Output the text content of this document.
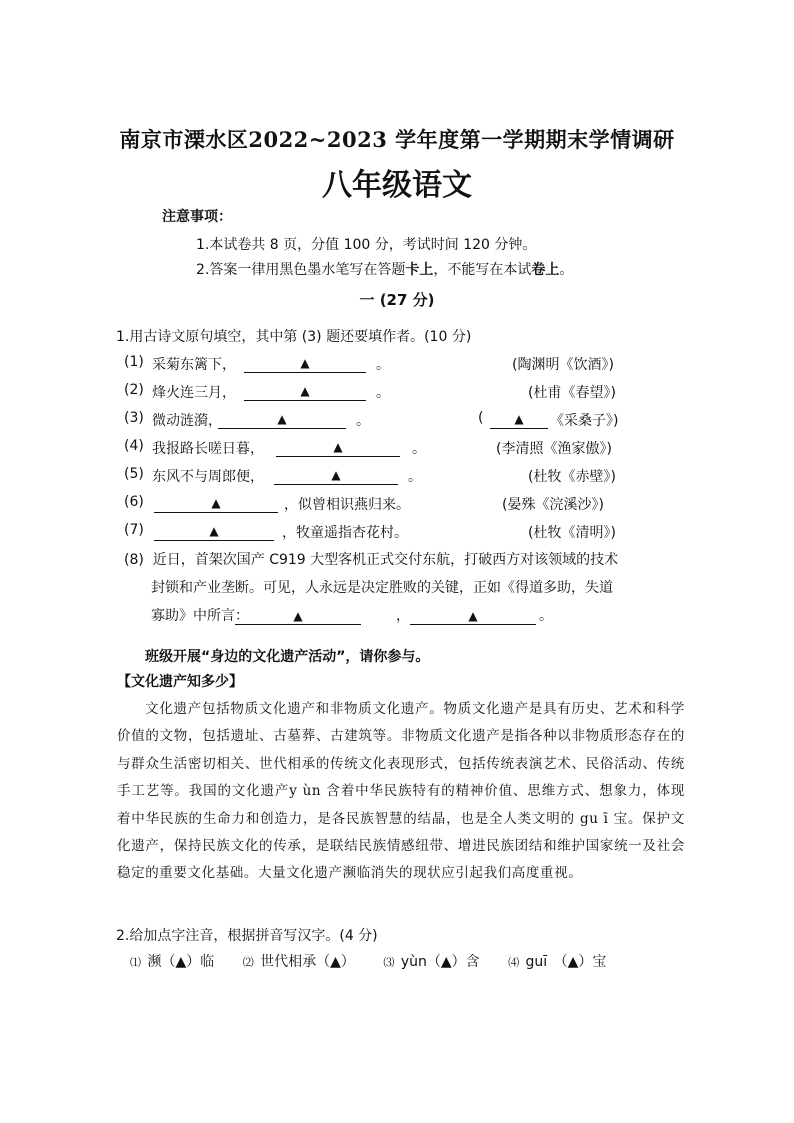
南京市溧水区2022~2023 学年度第一学期期末学情调研
八年级语文
注意事项：
1.本试卷共 8 页，分值 100 分，考试时间 120 分钟。
2.答案一律用黑色墨水笔写在答题卡上，不能写在本试卷上。
一 (27 分)
1.用古诗文原句填空，其中第 (3) 题还要填作者。(10 分)
(1) 采菊东篱下，	▲	。	(陶渊明《饮酒》)
(2) 烽火连三月，	▲	。	(杜甫《春望》)
(3) 微动涟漪，	▲	。	(	▲	《采桑子》)
(4) 我报路长嗟日暮，	▲	。	(李清照《渔家傲》)
(5) 东风不与周郎便，	▲	。	(杜牧《赤壁》)
(6)	▲	，似曾相识燕归来。	(晏殊《浣溪沙》)
(7)	▲	，牧童遥指杏花村。	(杜牧《清明》)
(8) 近日，首架次国产 C919 大型客机正式交付东航，打破西方对该领域的技术
封锁和产业垄断。可见，人永远是决定胜败的关键，正如《得道多助，失道
寡助》中所言：	▲	，	▲	。
班级开展“身边的文化遗产活动”，请你参与。
【文化遗产知多少】
文化遗产包括物质文化遗产和非物质文化遗产。物质文化遗产是具有历史、艺术和科学价值的文物，包括遗址、古墓葬、古建筑等。非物质文化遗产是指各种以非物质形态存在的与群众生活密切相关、世代相承的传统文化表现形式，包括传统表演艺术、民俗活动、传统手工艺等。我国的文化遗产y ùn 含着中华民族特有的精神价值、思维方式、想象力，体现着中华民族的生命力和创造力，是各民族智慧的结晶，也是全人类文明的 gu ī 宝。保护文化遗产，保持民族文化的传承，是联结民族情感纽带、增进民族团结和维护国家统一及社会稳定的重要文化基础。大量文化遗产濒临消失的现状应引起我们高度重视。
2.给加点字注音，根据拼音写汉字。(4 分)
⑴ 濒（▲）临	⑵ 世代相承（▲）	⑶ yùn（▲）含	⑷ guī （▲）宝
